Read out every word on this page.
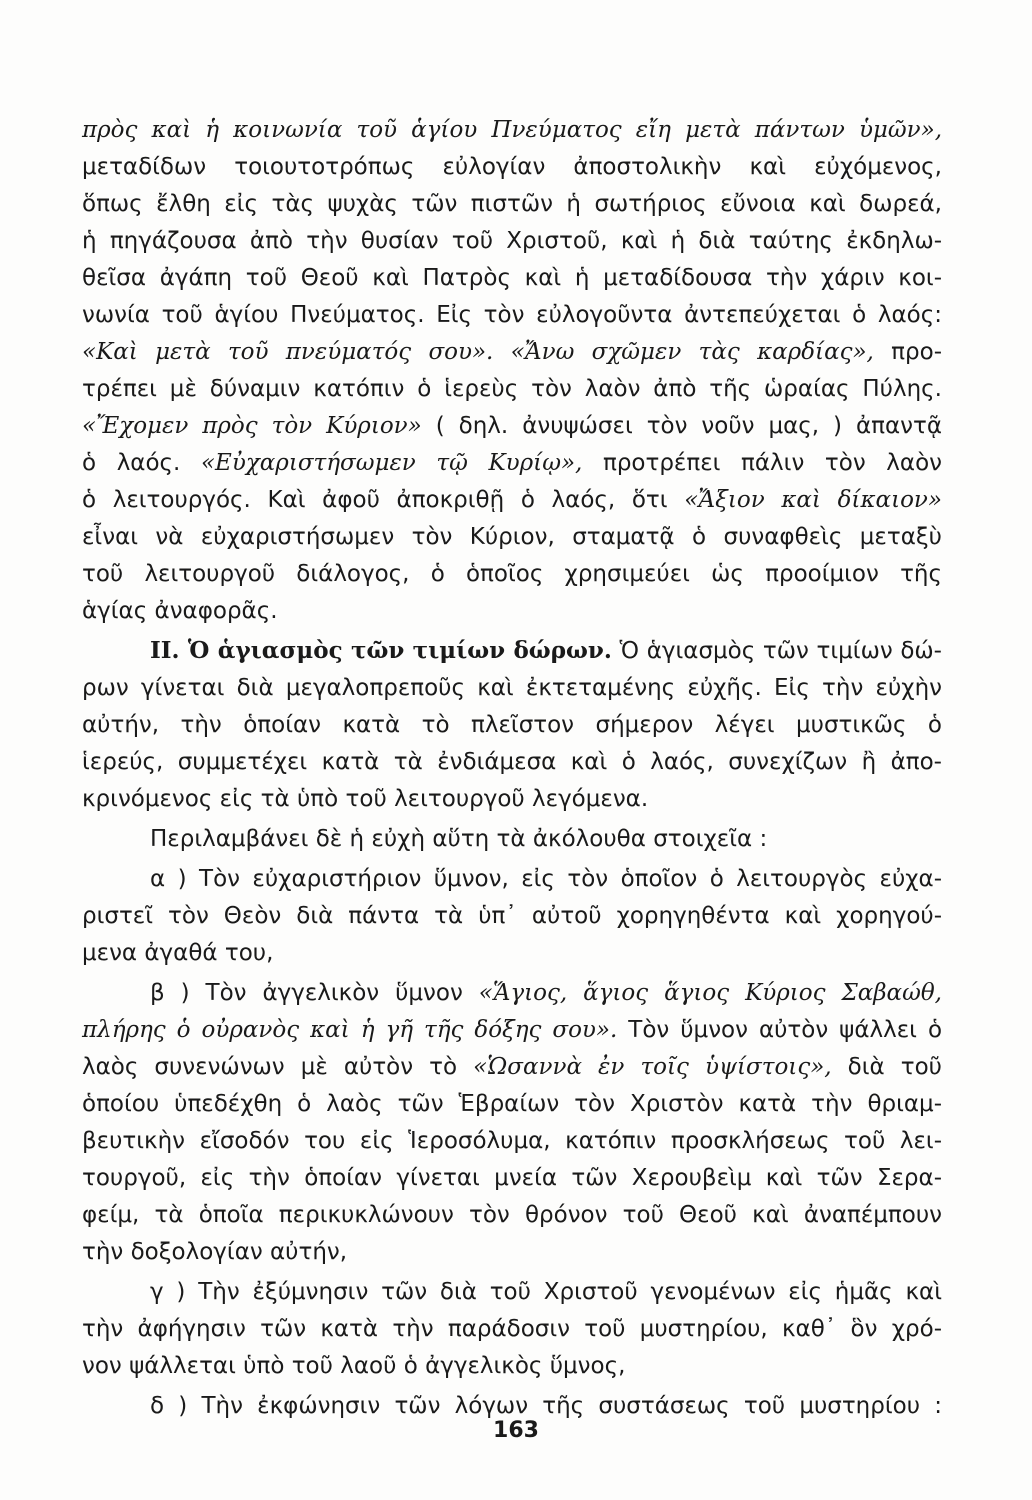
πρὸς καὶ ἡ κοινωνία τοῦ ἁγίου Πνεύματος εἴη μετὰ πάντων ὑμῶν»,
μεταδίδων τοιουτοτρόπως εὐλογίαν ἀποστολικὴν καὶ εὐχόμενος,
ὅπως ἔλθη εἰς τὰς ψυχὰς τῶν πιστῶν ἡ σωτήριος εὔνοια καὶ δωρεά,
ἡ πηγάζουσα ἀπὸ τὴν θυσίαν τοῦ Χριστοῦ, καὶ ἡ διὰ ταύτης ἐκδηλω-
θεῖσα ἀγάπη τοῦ Θεοῦ καὶ Πατρὸς καὶ ἡ μεταδίδουσα τὴν χάριν κοι-
νωνία τοῦ ἁγίου Πνεύματος. Εἰς τὸν εὐλογοῦντα ἀντεπεύχεται ὁ λαός:
«Καὶ μετὰ τοῦ πνεύματός σου». «Ἄνω σχῶμεν τὰς καρδίας», προ-
τρέπει μὲ δύναμιν κατόπιν ὁ ἱερεὺς τὸν λαὸν ἀπὸ τῆς ὡραίας Πύλης.
«Ἔχομεν πρὸς τὸν Κύριον» ( δηλ. ἀνυψώσει τὸν νοῦν μας, ) ἀπαντᾷ
ὁ λαός. «Εὐχαριστήσωμεν τῷ Κυρίῳ», προτρέπει πάλιν τὸν λαὸν
ὁ λειτουργός. Καὶ ἀφοῦ ἀποκριθῇ ὁ λαός, ὅτι «Ἄξιον καὶ δίκαιον»
εἶναι νὰ εὐχαριστήσωμεν τὸν Κύριον, σταματᾷ ὁ συναφθεὶς μεταξὺ
τοῦ λειτουργοῦ διάλογος, ὁ ὁποῖος χρησιμεύει ὡς προοίμιον τῆς
ἁγίας ἀναφορᾶς.
ΙΙ. Ὁ ἁγιασμὸς τῶν τιμίων δώρων. Ὁ ἁγιασμὸς τῶν τιμίων δώ-
ρων γίνεται διὰ μεγαλοπρεποῦς καὶ ἐκτεταμένης εὐχῆς. Εἰς τὴν εὐχὴν
αὐτήν, τὴν ὁποίαν κατὰ τὸ πλεῖστον σήμερον λέγει μυστικῶς ὁ
ἱερεύς, συμμετέχει κατὰ τὰ ἐνδιάμεσα καὶ ὁ λαός, συνεχίζων ἢ ἀπο-
κρινόμενος εἰς τὰ ὑπὸ τοῦ λειτουργοῦ λεγόμενα.
Περιλαμβάνει δὲ ἡ εὐχὴ αὕτη τὰ ἀκόλουθα στοιχεῖα :
α ) Τὸν εὐχαριστήριον ὕμνον, εἰς τὸν ὁποῖον ὁ λειτουργὸς εὐχα-
ριστεῖ τὸν Θεὸν διὰ πάντα τὰ ὑπ᾽ αὐτοῦ χορηγηθέντα καὶ χορηγού-
μενα ἀγαθά του,
β ) Τὸν ἀγγελικὸν ὕμνον «Ἅγιος, ἅγιος ἅγιος Κύριος Σαβαώθ,
πλήρης ὁ οὐρανὸς καὶ ἡ γῆ τῆς δόξης σου». Τὸν ὕμνον αὐτὸν ψάλλει ὁ
λαὸς συνενώνων μὲ αὐτὸν τὸ «Ὡσαννὰ ἐν τοῖς ὑψίστοις», διὰ τοῦ
ὁποίου ὑπεδέχθη ὁ λαὸς τῶν Ἑβραίων τὸν Χριστὸν κατὰ τὴν θριαμ-
βευτικὴν εἴσοδόν του εἰς Ἱεροσόλυμα, κατόπιν προσκλήσεως τοῦ λει-
τουργοῦ, εἰς τὴν ὁποίαν γίνεται μνεία τῶν Χερουβεὶμ καὶ τῶν Σερα-
φείμ, τὰ ὁποῖα περικυκλώνουν τὸν θρόνον τοῦ Θεοῦ καὶ ἀναπέμπουν
τὴν δοξολογίαν αὐτήν,
γ ) Τὴν ἐξύμνησιν τῶν διὰ τοῦ Χριστοῦ γενομένων εἰς ἡμᾶς καὶ
τὴν ἀφήγησιν τῶν κατὰ τὴν παράδοσιν τοῦ μυστηρίου, καθ᾽ ὃν χρό-
νον ψάλλεται ὑπὸ τοῦ λαοῦ ὁ ἀγγελικὸς ὕμνος,
δ ) Τὴν ἐκφώνησιν τῶν λόγων τῆς συστάσεως τοῦ μυστηρίου :
163
